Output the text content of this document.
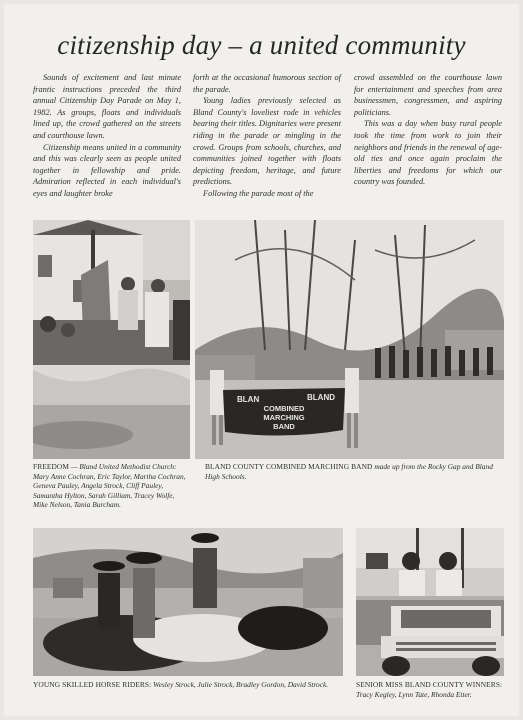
citizenship day – a united community

Sounds of excitement and last minute frantic instructions preceded the third annual Citizenship Day Parade on May 1, 1982. As groups, floats and individuals lined up, the crowd gathered on the streets and courthouse lawn.

Citizenship means united in a community and this was clearly seen as people united together in fellowship and pride. Admiration reflected in each individual's eyes and laughter broke

forth at the occasional humorous section of the parade.

Young ladies previously selected as Bland County's loveliest rode in vehicles bearing their titles. Dignitaries were present riding in the parade or mingling in the crowd. Groups from schools, churches, and communities joined together with floats depicting freedom, heritage, and future predictions.

Following the parade most of the

crowd assembled on the courthouse lawn for entertainment and speeches from area businessmen, congressmen, and aspiring politicians.

This was a day when busy rural people took the time from work to join their neighbors and friends in the renewal of age-old ties and once again proclaim the liberties and freedoms for which our country was founded.

BLAN	BLAND
COMBINED
MARCHING
BAND
FREEDOM — Bland United Methodist Church: Mary Anne Cochran, Eric Taylor, Martha Cochran, Geneva Pauley, Angela Strock, Cliff Pauley, Samantha Hylton, Sarah Gilliam, Tracey Wolfe, Mike Nelson, Tania Burcham.
BLAND COUNTY COMBINED MARCHING BAND made up from the Rocky Gap and Bland High Schools.
YOUNG SKILLED HORSE RIDERS: Wesley Strock, Julie Strock, Bradley Gordon, David Strock.	SENIOR MISS BLAND COUNTY WINNERS: Tracy Kegley, Lynn Tate, Rhonda Etter.
